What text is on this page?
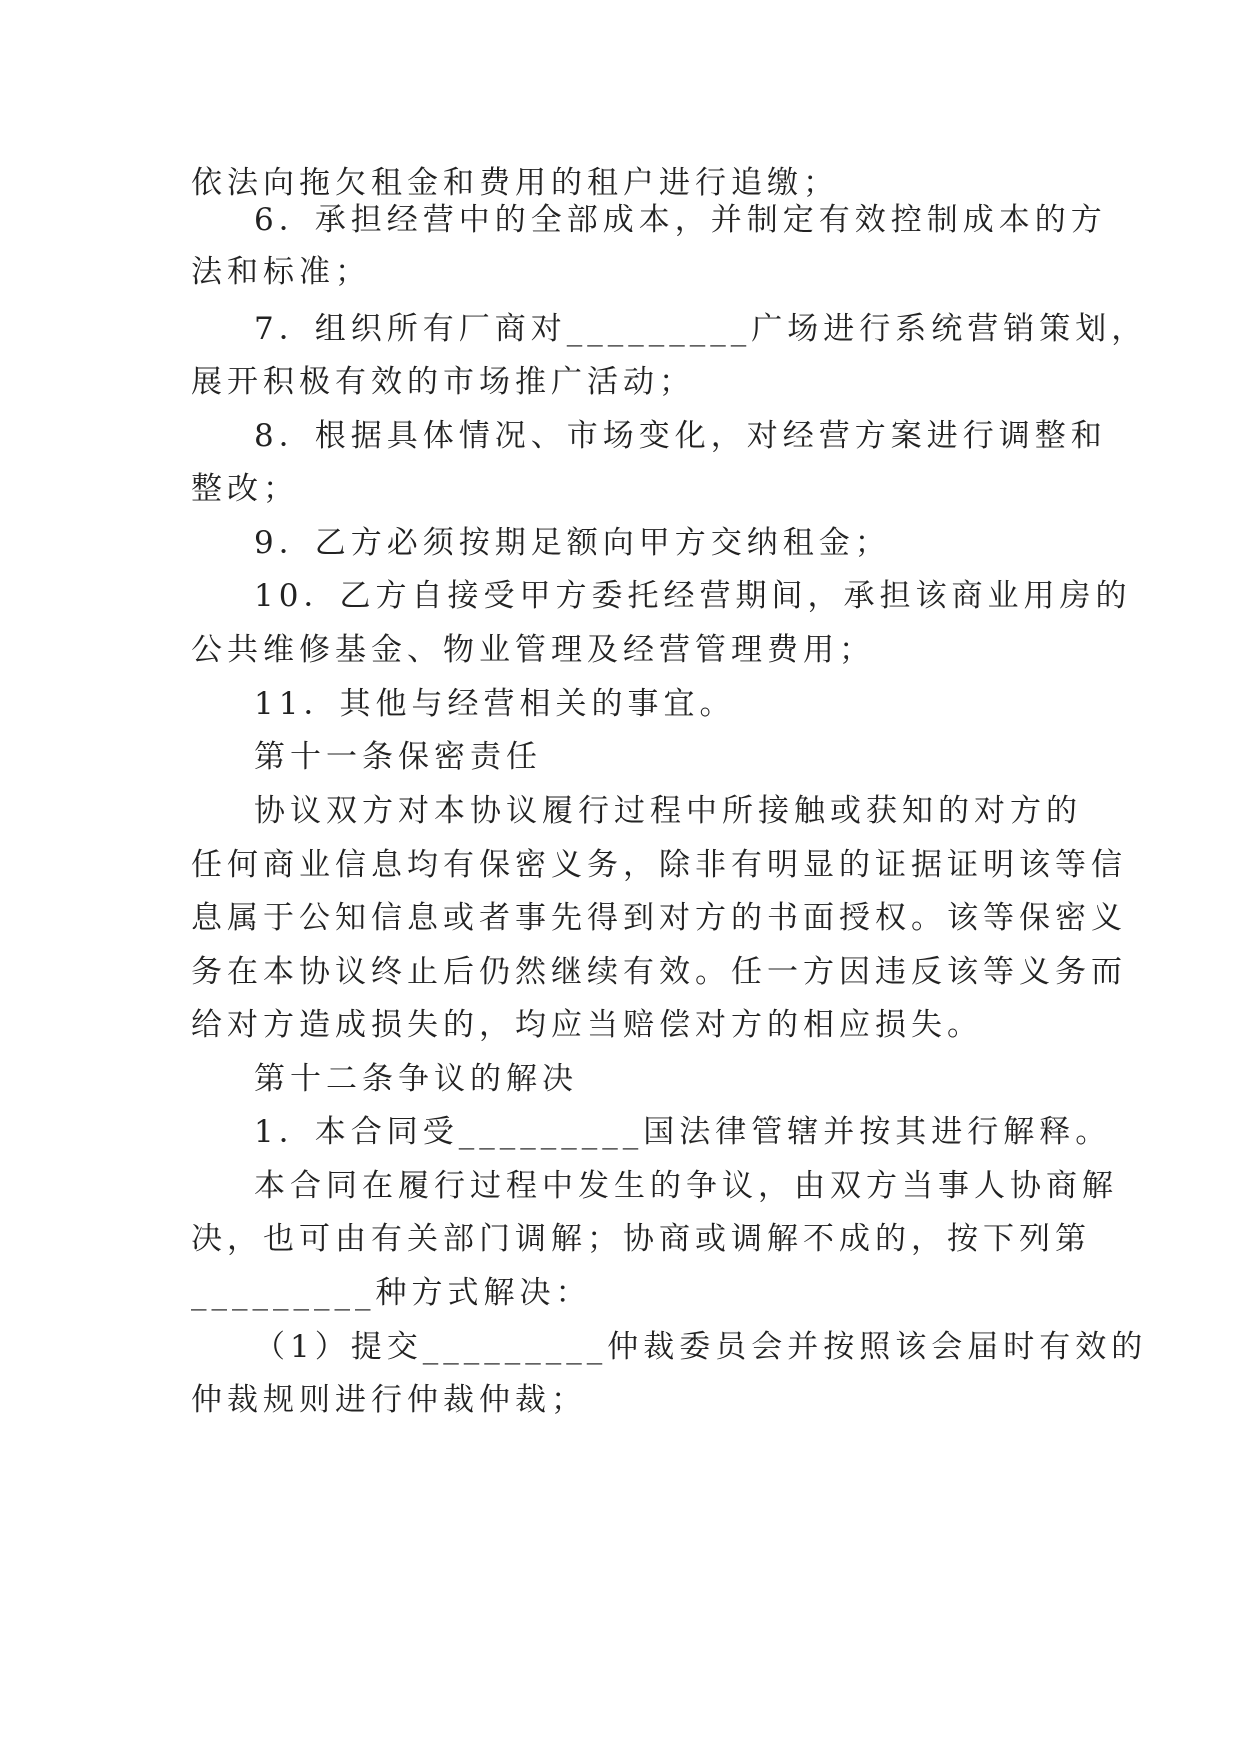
依法向拖欠租金和费用的租户进行追缴；
6．承担经营中的全部成本，并制定有效控制成本的方
法和标准；
7．组织所有厂商对_________广场进行系统营销策划，
展开积极有效的市场推广活动；
8．根据具体情况、市场变化，对经营方案进行调整和
整改；
9．乙方必须按期足额向甲方交纳租金；
10．乙方自接受甲方委托经营期间，承担该商业用房的
公共维修基金、物业管理及经营管理费用；
11．其他与经营相关的事宜。
第十一条保密责任
协议双方对本协议履行过程中所接触或获知的对方的
任何商业信息均有保密义务，除非有明显的证据证明该等信
息属于公知信息或者事先得到对方的书面授权。该等保密义
务在本协议终止后仍然继续有效。任一方因违反该等义务而
给对方造成损失的，均应当赔偿对方的相应损失。
第十二条争议的解决
1．本合同受_________国法律管辖并按其进行解释。
本合同在履行过程中发生的争议，由双方当事人协商解
决，也可由有关部门调解；协商或调解不成的，按下列第
_________种方式解决：
（1）提交_________仲裁委员会并按照该会届时有效的
仲裁规则进行仲裁仲裁；
